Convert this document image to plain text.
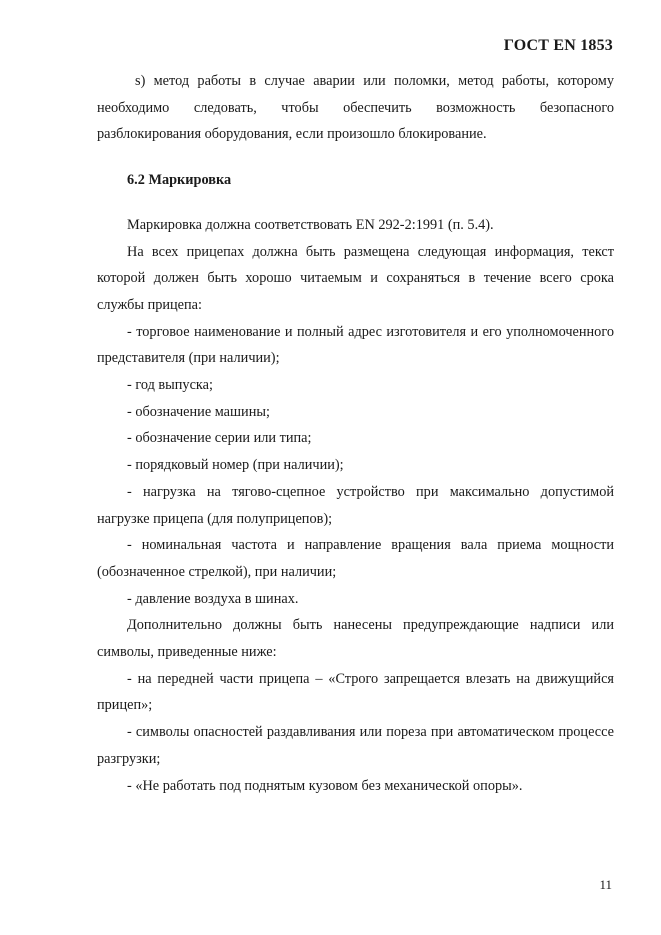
ГОСТ EN 1853

s) метод работы в случае аварии или поломки, метод работы, которому необходимо следовать, чтобы обеспечить возможность безопасного разблокирования оборудования, если произошло блокирование.

6.2 Маркировка

Маркировка должна соответствовать EN 292-2:1991 (п. 5.4).

На всех прицепах должна быть размещена следующая информация, текст которой должен быть хорошо читаемым и сохраняться в течение всего срока службы прицепа:

- торговое наименование и полный адрес изготовителя и его уполномоченного представителя (при наличии);

- год выпуска;

- обозначение машины;

- обозначение серии или типа;

- порядковый номер (при наличии);

- нагрузка на тягово-сцепное устройство при максимально допустимой нагрузке прицепа (для полуприцепов);

- номинальная частота и направление вращения вала приема мощности (обозначенное стрелкой), при наличии;

- давление воздуха в шинах.

Дополнительно должны быть нанесены предупреждающие надписи или символы, приведенные ниже:

- на передней части прицепа – «Строго запрещается влезать на движущийся прицеп»;

- символы опасностей раздавливания или пореза при автоматическом процессе разгрузки;

- «Не работать под поднятым кузовом без механической опоры».

11
